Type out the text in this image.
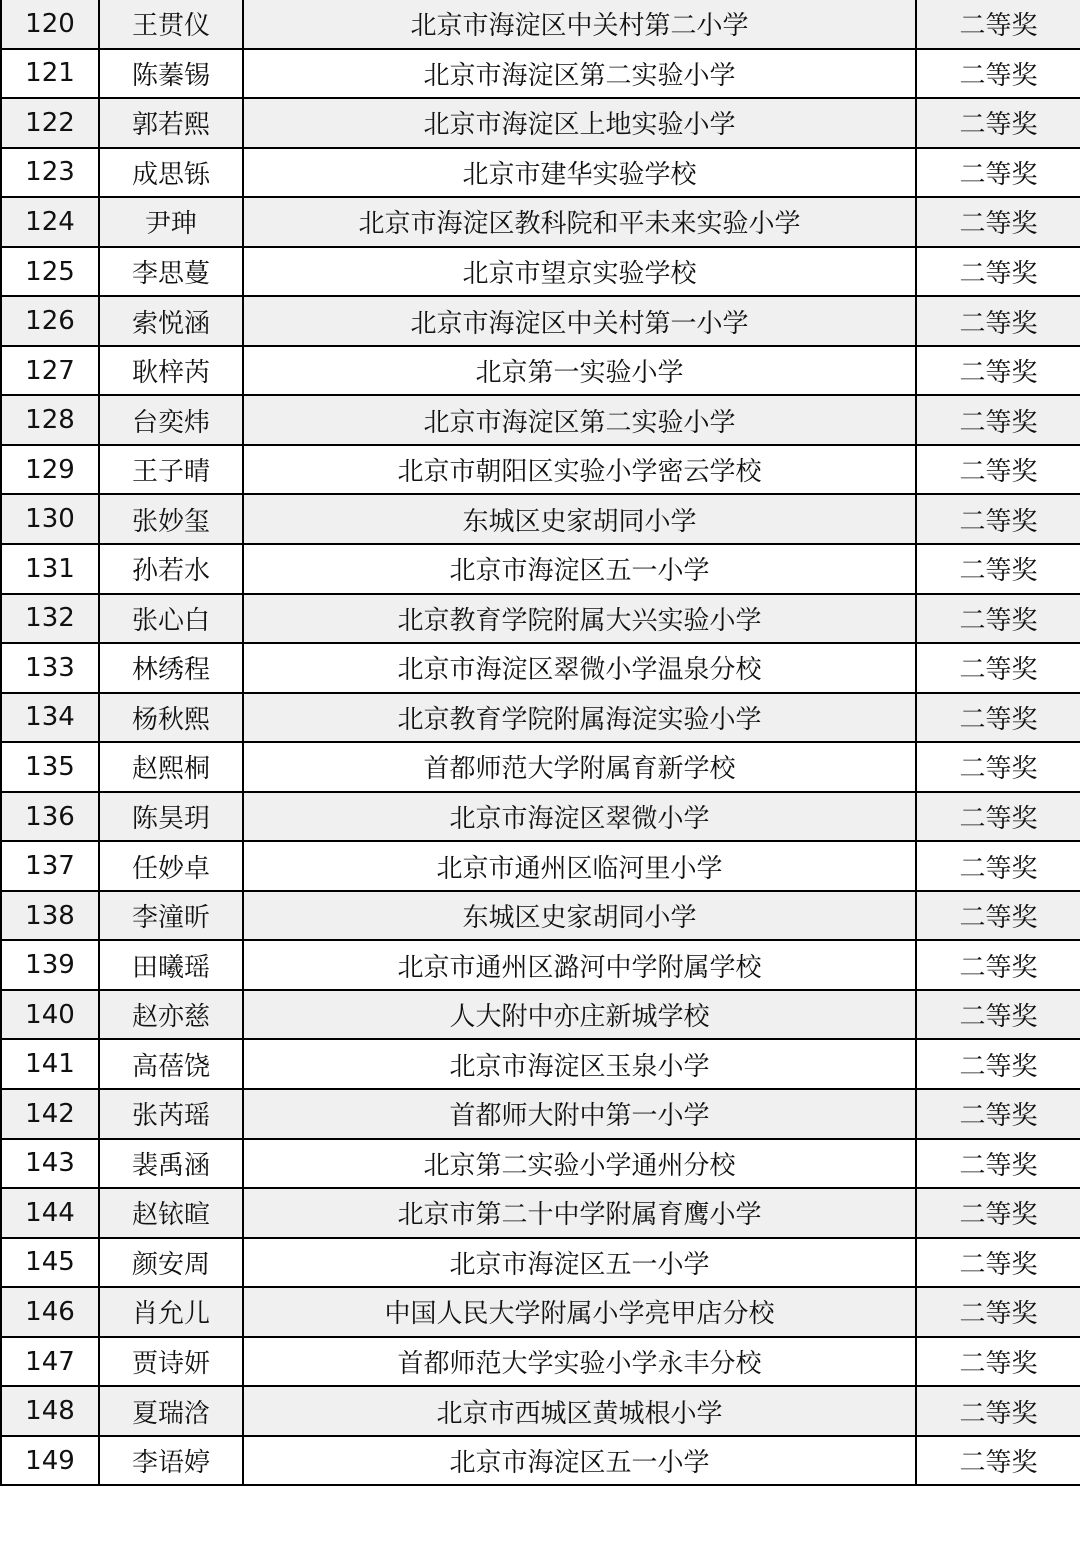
120	王贯仪	北京市海淀区中关村第二小学	二等奖
121	陈蓁锡	北京市海淀区第二实验小学	二等奖
122	郭若熙	北京市海淀区上地实验小学	二等奖
123	成思铄	北京市建华实验学校	二等奖
124	尹珅	北京市海淀区教科院和平未来实验小学	二等奖
125	李思蔓	北京市望京实验学校	二等奖
126	索悦涵	北京市海淀区中关村第一小学	二等奖
127	耿梓芮	北京第一实验小学	二等奖
128	台奕炜	北京市海淀区第二实验小学	二等奖
129	王子晴	北京市朝阳区实验小学密云学校	二等奖
130	张妙玺	东城区史家胡同小学	二等奖
131	孙若水	北京市海淀区五一小学	二等奖
132	张心白	北京教育学院附属大兴实验小学	二等奖
133	林绣程	北京市海淀区翠微小学温泉分校	二等奖
134	杨秋熙	北京教育学院附属海淀实验小学	二等奖
135	赵熙桐	首都师范大学附属育新学校	二等奖
136	陈昊玥	北京市海淀区翠微小学	二等奖
137	任妙卓	北京市通州区临河里小学	二等奖
138	李潼昕	东城区史家胡同小学	二等奖
139	田曦瑶	北京市通州区潞河中学附属学校	二等奖
140	赵亦慈	人大附中亦庄新城学校	二等奖
141	高蓓饶	北京市海淀区玉泉小学	二等奖
142	张芮瑶	首都师大附中第一小学	二等奖
143	裴禹涵	北京第二实验小学通州分校	二等奖
144	赵铱暄	北京市第二十中学附属育鹰小学	二等奖
145	颜安周	北京市海淀区五一小学	二等奖
146	肖允儿	中国人民大学附属小学亮甲店分校	二等奖
147	贾诗妍	首都师范大学实验小学永丰分校	二等奖
148	夏瑞浛	北京市西城区黄城根小学	二等奖
149	李语婷	北京市海淀区五一小学	二等奖
